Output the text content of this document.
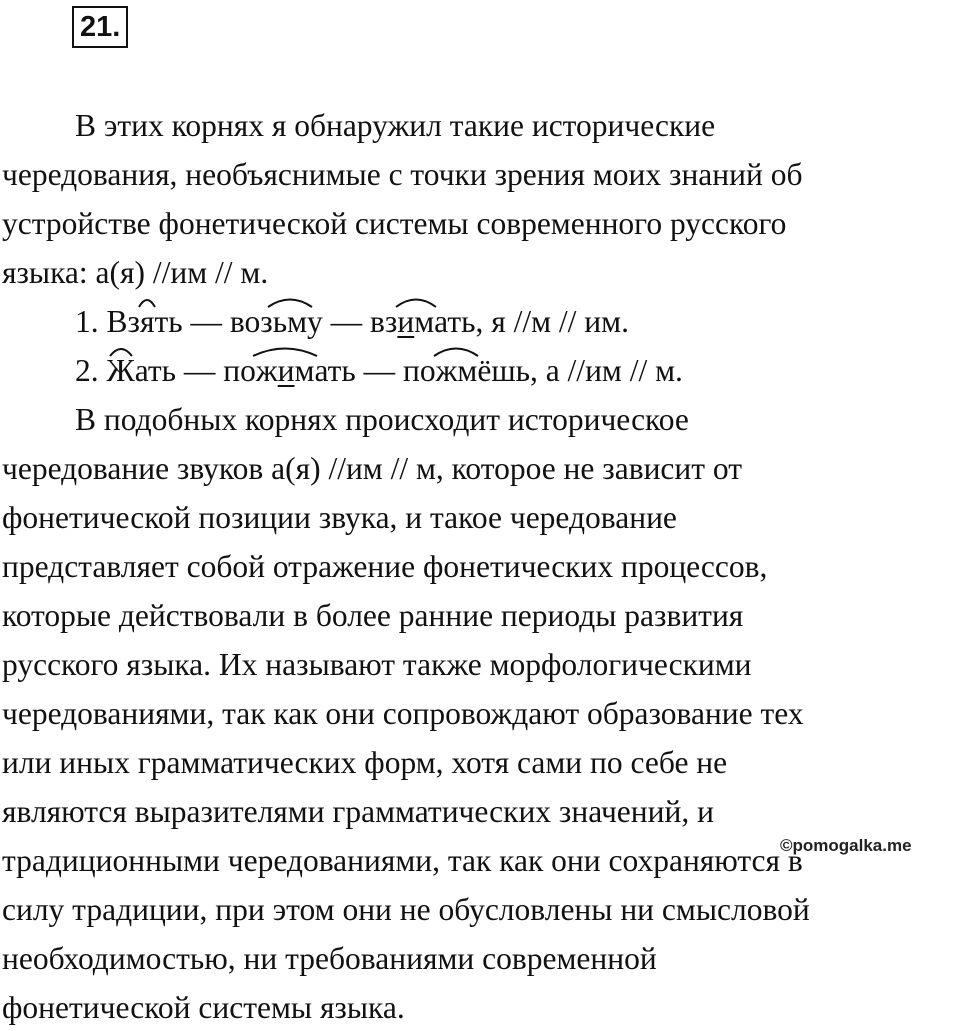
21.
В этих корнях я обнаружил такие исторические
чередования, необъяснимые с точки зрения моих знаний об
устройстве фонетической системы современного русского
языка: а(я) //им // м.
1. Вз
ять — воз
ьму — вз
имать, я //м // им.
2.
Жать — по
жимать — по
жмёшь, а //им // м.
В подобных корнях происходит историческое
чередование звуков а(я) //им // м, которое не зависит от
фонетической позиции звука, и такое чередование
представляет собой отражение фонетических процессов,
которые действовали в более ранние периоды развития
русского языка. Их называют также морфологическими
чередованиями, так как они сопровождают образование тех
или иных грамматических форм, хотя сами по себе не
являются выразителями грамматических значений, и
традиционными чередованиями, так как они сохраняются в
силу традиции, при этом они не обусловлены ни смысловой
необходимостью, ни требованиями современной
фонетической системы языка.
©pomogalka.me
